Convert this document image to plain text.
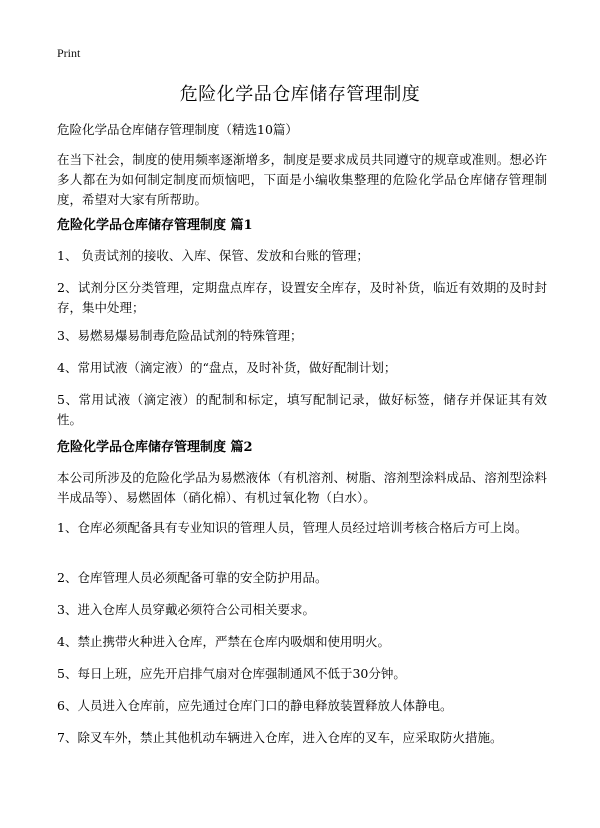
Print
危险化学品仓库储存管理制度

危险化学品仓库储存管理制度（精选10篇）

在当下社会，制度的使用频率逐渐增多，制度是要求成员共同遵守的规章或准则。想必许多人都在为如何制定制度而烦恼吧，下面是小编收集整理的危险化学品仓库储存管理制度，希望对大家有所帮助。

危险化学品仓库储存管理制度 篇1

1、 负责试剂的接收、入库、保管、发放和台账的管理；

2、试剂分区分类管理，定期盘点库存，设置安全库存，及时补货，临近有效期的及时封存，集中处理；

3、易燃易爆易制毒危险品试剂的特殊管理；

4、常用试液（滴定液）的“盘点，及时补货，做好配制计划；

5、常用试液（滴定液）的配制和标定，填写配制记录，做好标签，储存并保证其有效性。

危险化学品仓库储存管理制度 篇2

本公司所涉及的危险化学品为易燃液体（有机溶剂、树脂、溶剂型涂料成品、溶剂型涂料半成品等）、易燃固体（硝化棉）、有机过氧化物（白水）。

1、仓库必须配备具有专业知识的管理人员，管理人员经过培训考核合格后方可上岗。

2、仓库管理人员必须配备可靠的安全防护用品。

3、进入仓库人员穿戴必须符合公司相关要求。

4、禁止携带火种进入仓库，严禁在仓库内吸烟和使用明火。

5、每日上班，应先开启排气扇对仓库强制通风不低于30分钟。

6、人员进入仓库前，应先通过仓库门口的静电释放装置释放人体静电。

7、除叉车外，禁止其他机动车辆进入仓库，进入仓库的叉车，应采取防火措施。
